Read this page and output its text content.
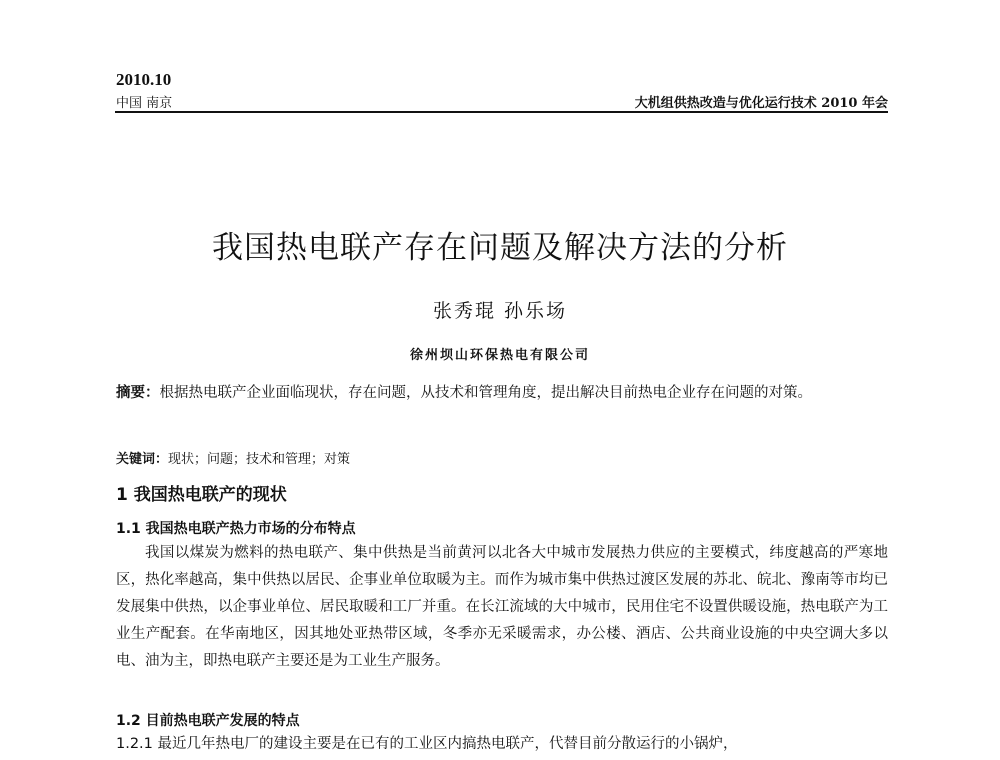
2010.10
中国 南京	大机组供热改造与优化运行技术 2010 年会
我国热电联产存在问题及解决方法的分析
张秀琨 孙乐场
徐州坝山环保热电有限公司
摘要：根据热电联产企业面临现状，存在问题，从技术和管理角度，提出解决目前热电企业存在问题的对策。
关键词：现状；问题；技术和管理；对策
1 我国热电联产的现状
1.1 我国热电联产热力市场的分布特点
我国以煤炭为燃料的热电联产、集中供热是当前黄河以北各大中城市发展热力供应的主要模式，纬度越高的严寒地区，热化率越高，集中供热以居民、企事业单位取暖为主。而作为城市集中供热过渡区发展的苏北、皖北、豫南等市均已发展集中供热，以企事业单位、居民取暖和工厂并重。在长江流域的大中城市，民用住宅不设置供暖设施，热电联产为工业生产配套。在华南地区，因其地处亚热带区域，冬季亦无采暖需求，办公楼、酒店、公共商业设施的中央空调大多以电、油为主，即热电联产主要还是为工业生产服务。
1.2 目前热电联产发展的特点
1.2.1 最近几年热电厂的建设主要是在已有的工业区内搞热电联产，代替目前分散运行的小锅炉，
